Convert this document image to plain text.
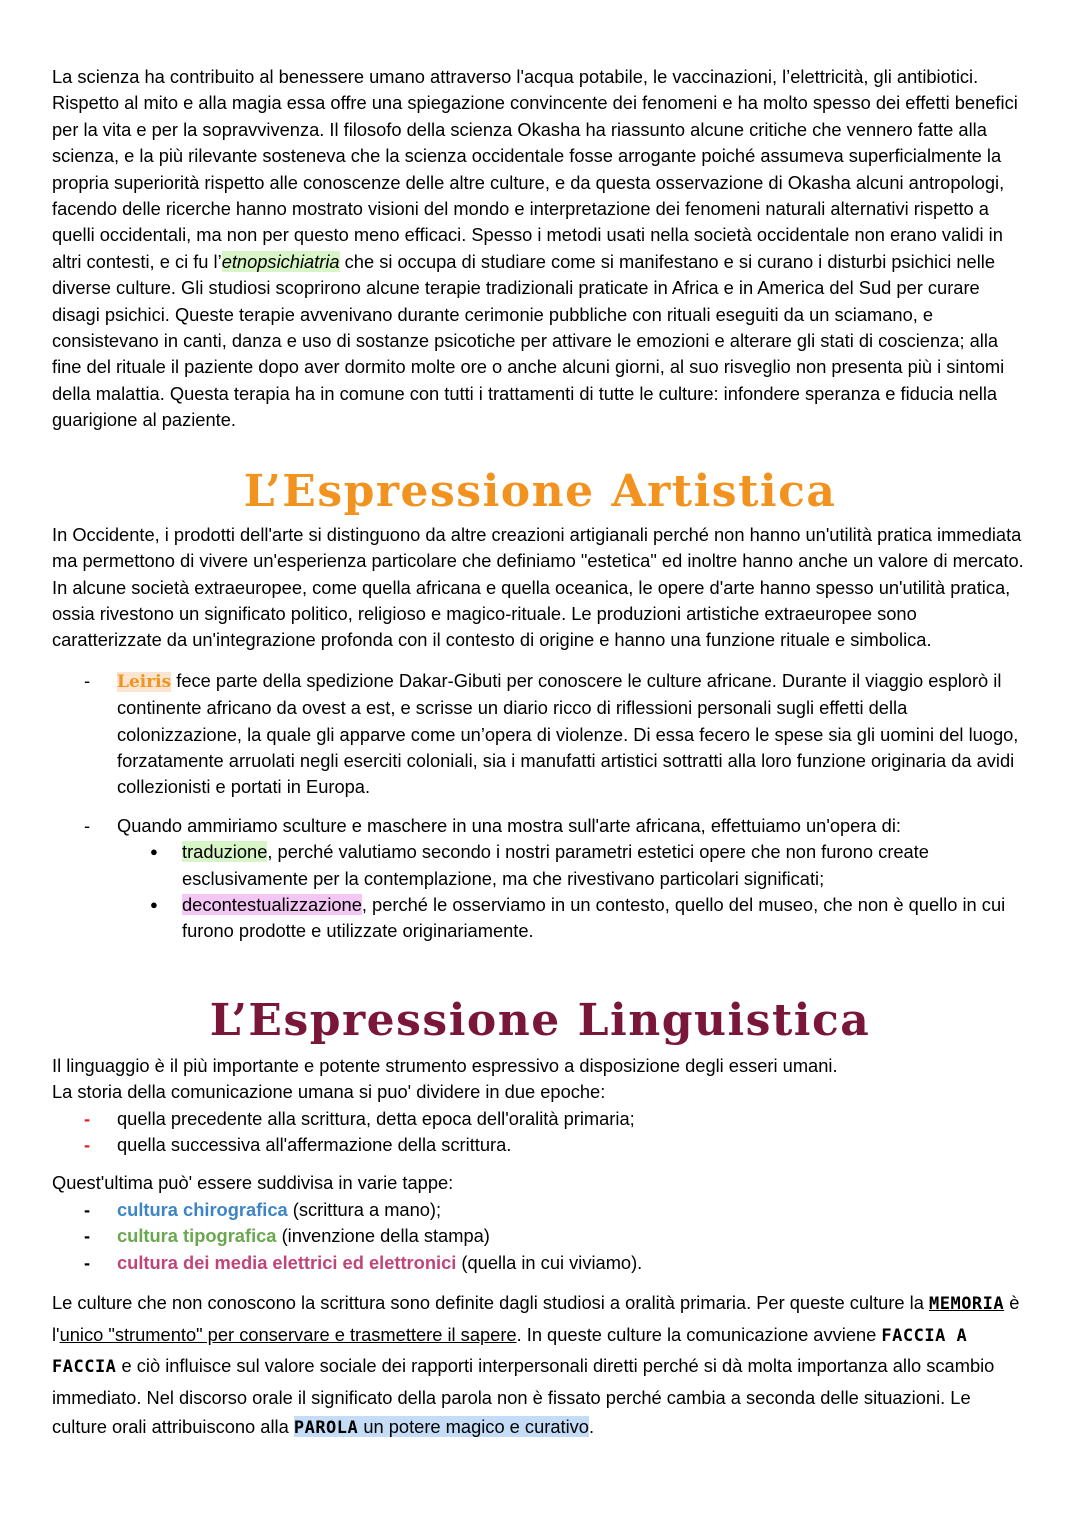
La scienza ha contribuito al benessere umano attraverso l'acqua potabile, le vaccinazioni, l’elettricità, gli antibiotici. Rispetto al mito e alla magia essa offre una spiegazione convincente dei fenomeni e ha molto spesso dei effetti benefici per la vita e per la sopravvivenza. Il filosofo della scienza Okasha ha riassunto alcune critiche che vennero fatte alla scienza, e la più rilevante sosteneva che la scienza occidentale fosse arrogante poiché assumeva superficialmente la propria superiorità rispetto alle conoscenze delle altre culture, e da questa osservazione di Okasha alcuni antropologi, facendo delle ricerche hanno mostrato visioni del mondo e interpretazione dei fenomeni naturali alternativi rispetto a quelli occidentali, ma non per questo meno efficaci. Spesso i metodi usati nella società occidentale non erano validi in altri contesti, e ci fu l’etnopsichiatria che si occupa di studiare come si manifestano e si curano i disturbi psichici nelle diverse culture. Gli studiosi scoprirono alcune terapie tradizionali praticate in Africa e in America del Sud per curare disagi psichici. Queste terapie avvenivano durante cerimonie pubbliche con rituali eseguiti da un sciamano, e consistevano in canti, danza e uso di sostanze psicotiche per attivare le emozioni e alterare gli stati di coscienza; alla fine del rituale il paziente dopo aver dormito molte ore o anche alcuni giorni, al suo risveglio non presenta più i sintomi della malattia. Questa terapia ha in comune con tutti i trattamenti di tutte le culture: infondere speranza e fiducia nella guarigione al paziente.

L’Espressione Artistica

In Occidente, i prodotti dell'arte si distinguono da altre creazioni artigianali perché non hanno un'utilità pratica immediata ma permettono di vivere un'esperienza particolare che definiamo "estetica" ed inoltre hanno anche un valore di mercato. In alcune società extraeuropee, come quella africana e quella oceanica, le opere d'arte hanno spesso un'utilità pratica, ossia rivestono un significato politico, religioso e magico-rituale. Le produzioni artistiche extraeuropee sono caratterizzate da un'integrazione profonda con il contesto di origine e hanno una funzione rituale e simbolica.

- Leiris fece parte della spedizione Dakar-Gibuti per conoscere le culture africane. Durante il viaggio esplorò il continente africano da ovest a est, e scrisse un diario ricco di riflessioni personali sugli effetti della colonizzazione, la quale gli apparve come un’opera di violenze. Di essa fecero le spese sia gli uomini del luogo, forzatamente arruolati negli eserciti coloniali, sia i manufatti artistici sottratti alla loro funzione originaria da avidi collezionisti e portati in Europa.
- Quando ammiriamo sculture e maschere in una mostra sull'arte africana, effettuiamo un'opera di:
● traduzione, perché valutiamo secondo i nostri parametri estetici opere che non furono create esclusivamente per la contemplazione, ma che rivestivano particolari significati;
● decontestualizzazione, perché le osserviamo in un contesto, quello del museo, che non è quello in cui furono prodotte e utilizzate originariamente.
L’Espressione Linguistica

Il linguaggio è il più importante e potente strumento espressivo a disposizione degli esseri umani.

La storia della comunicazione umana si puo' dividere in due epoche:

- quella precedente alla scrittura, detta epoca dell'oralità primaria;
- quella successiva all'affermazione della scrittura.

Quest'ultima può' essere suddivisa in varie tappe:

- cultura chirografica (scrittura a mano);
- cultura tipografica (invenzione della stampa)
- cultura dei media elettrici ed elettronici (quella in cui viviamo).

Le culture che non conoscono la scrittura sono definite dagli studiosi a oralità primaria. Per queste culture la MEMORIA è l'unico "strumento" per conservare e trasmettere il sapere. In queste culture la comunicazione avviene FACCIA A FACCIA e ciò influisce sul valore sociale dei rapporti interpersonali diretti perché si dà molta importanza allo scambio immediato. Nel discorso orale il significato della parola non è fissato perché cambia a seconda delle situazioni. Le culture orali attribuiscono alla PAROLA un potere magico e curativo.
